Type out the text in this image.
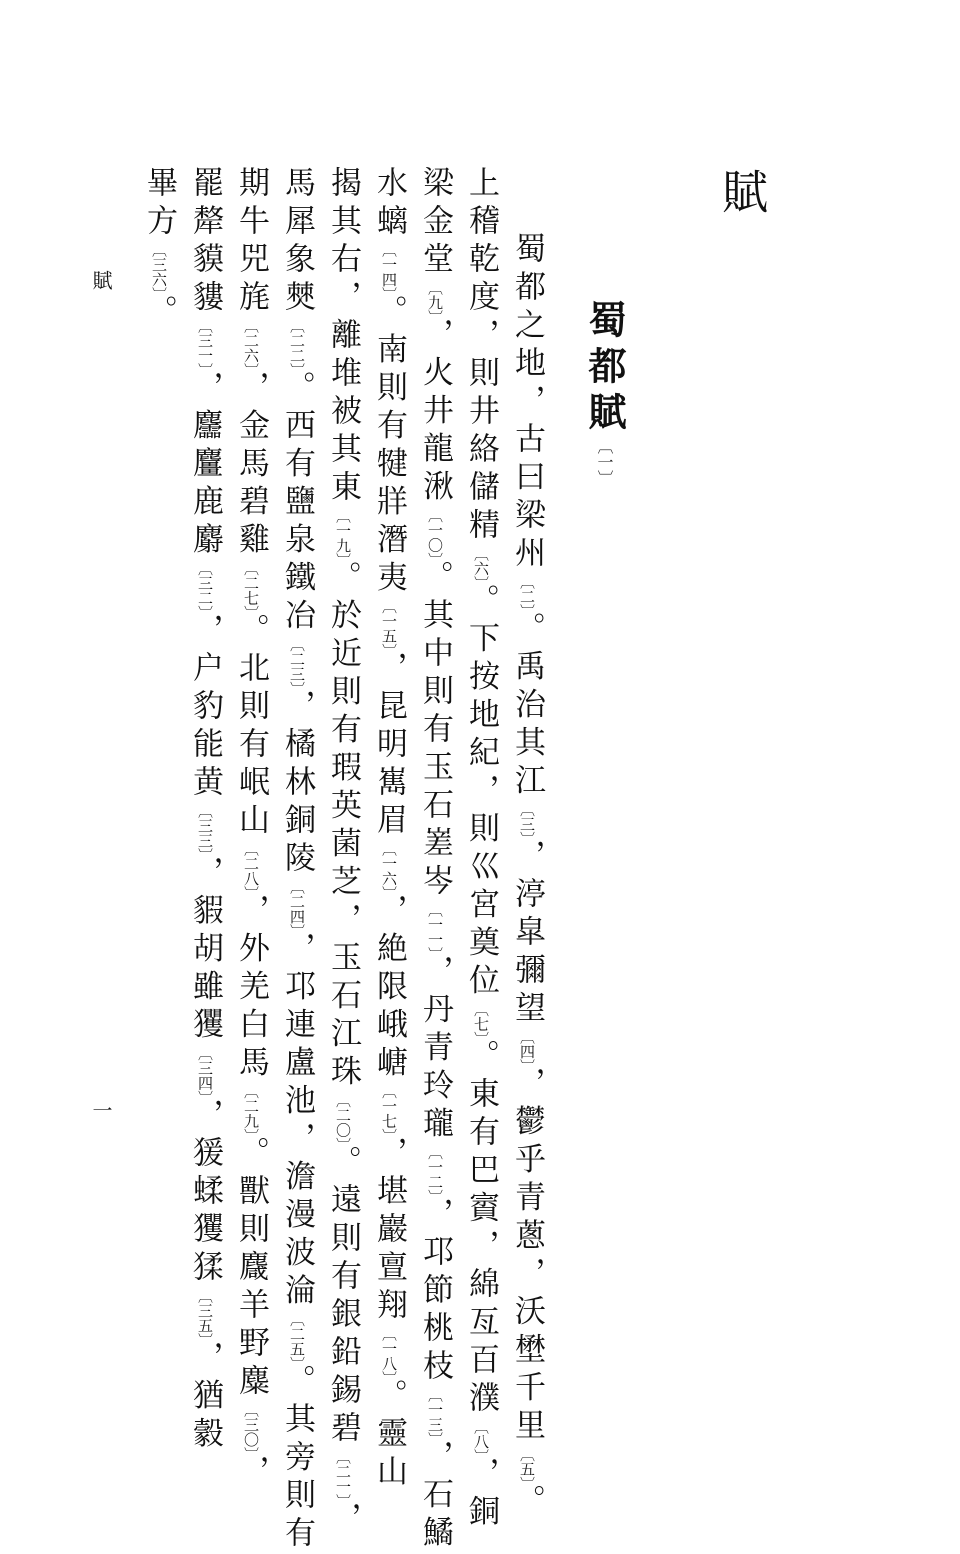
賦
蜀都賦〔一〕
蜀都之地，古曰梁州〔二〕。禹治其江〔三〕，渟皐彌望〔四〕，鬱乎青蔥，沃壄千里〔五〕。
上稽乾度，則井絡儲精〔六〕。下按地紀，則巛宮奠位〔七〕。東有巴賨，綿亙百濮〔八〕，銅
梁金堂〔九〕，火井龍湫〔一〇〕。其中則有玉石嵳岑〔一一〕，丹青玲瓏〔一二〕，邛節桃枝〔一三〕，石鱊
水螭〔一四〕。南則有犍牂潛夷〔一五〕，昆明嶲眉〔一六〕，絶限峨嵣〔一七〕，堪巖亶翔〔一八〕。靈山
揭其右，離堆被其東〔一九〕。於近則有瑕英菌芝，玉石江珠〔二〇〕。遠則有銀鉛錫碧〔二一〕，
馬犀象僰〔二二〕。西有鹽泉鐵冶〔二三〕，橘林銅陵〔二四〕，邛連盧池，澹漫波淪〔二五〕。其旁則有
期牛兕旄〔二六〕，金馬碧雞〔二七〕。北則有岷山〔二八〕，外羌白馬〔二九〕。獸則麙羊野麋〔三〇〕，
罷犛貘貗〔三一〕，麢麠鹿麝〔三二〕，户豹能黄〔三三〕，貑胡雖玃〔三四〕，猨蝚玃猱〔三五〕，猶豰
畢方〔三六〕。
賦
一
